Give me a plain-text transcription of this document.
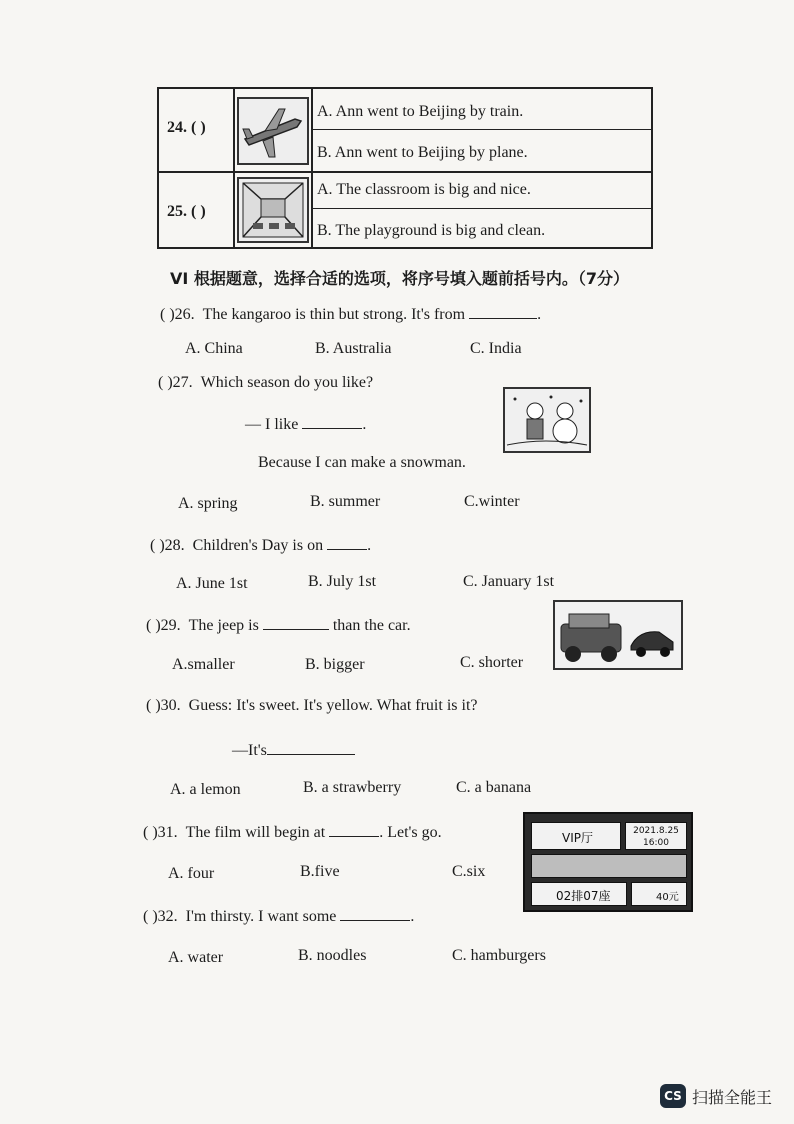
24. ( )
A. Ann went to Beijing by train.
B. Ann went to Beijing by plane.
25. ( )
A. The classroom is big and nice.
B. The playground is big and clean.
VI 根据题意，选择合适的选项，将序号填入题前括号内。（7分）
( )26. The kangaroo is thin but strong. It's from	.
A. China	B. Australia	C. India
( )27. Which season do you like?
— I like	.
Because I can make a snowman.
A. spring	B. summer	C.winter
( )28. Children's Day is on	.
A. June 1st	B. July 1st	C. January 1st
( )29. The jeep is	than the car.
A.smaller	B. bigger	C. shorter
( )30. Guess: It's sweet. It's yellow. What fruit is it?
—It's
A. a lemon	B. a strawberry	C. a banana
( )31. The film will begin at	. Let's go.
A. four	B.five	C.six
VIP厅	2021.8.25
16:00
02排07座	40元
( )32. I'm thirsty. I want some	.
A. water	B. noodles	C. hamburgers
CS 扫描全能王
